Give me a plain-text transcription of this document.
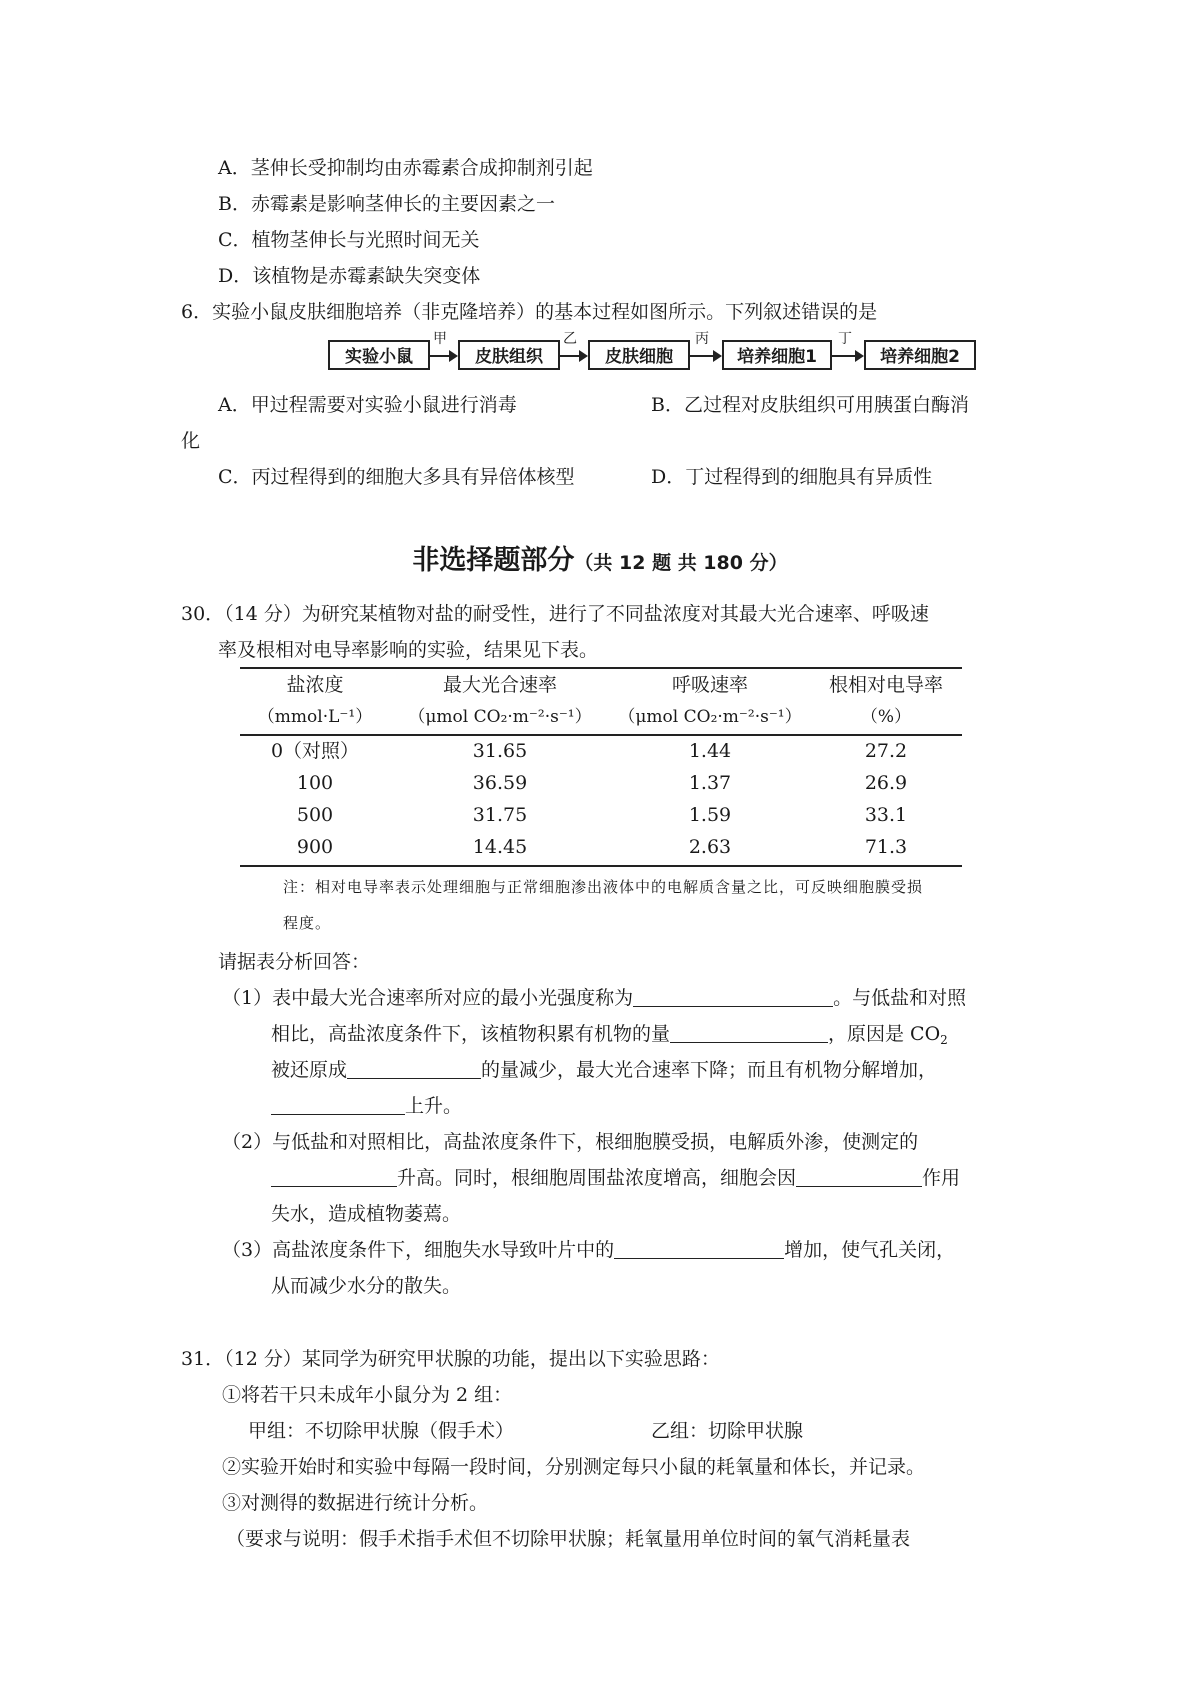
A．茎伸长受抑制均由赤霉素合成抑制剂引起
B．赤霉素是影响茎伸长的主要因素之一
C．植物茎伸长与光照时间无关
D．该植物是赤霉素缺失突变体
6．实验小鼠皮肤细胞培养（非克隆培养）的基本过程如图所示。下列叙述错误的是
实验小鼠
甲
皮肤组织
乙
皮肤细胞
丙
培养细胞1
丁
培养细胞2
A．甲过程需要对实验小鼠进行消毒	B．乙过程对皮肤组织可用胰蛋白酶消
化
C．丙过程得到的细胞大多具有异倍体核型	D．丁过程得到的细胞具有异质性
非选择题部分（共 12 题 共 180 分）
30．（14 分）为研究某植物对盐的耐受性，进行了不同盐浓度对其最大光合速率、呼吸速
率及根相对电导率影响的实验，结果见下表。
盐浓度	最大光合速率	呼吸速率	根相对电导率
（mmol·L⁻¹）	（μmol CO₂·m⁻²·s⁻¹）	（μmol CO₂·m⁻²·s⁻¹）	（%）
0（对照）	31.65	1.44	27.2
100	36.59	1.37	26.9
500	31.75	1.59	33.1
900	14.45	2.63	71.3
注：相对电导率表示处理细胞与正常细胞渗出液体中的电解质含量之比，可反映细胞膜受损
程度。
请据表分析回答：
（1）表中最大光合速率所对应的最小光强度称为	。与低盐和对照
相比，高盐浓度条件下，该植物积累有机物的量	，原因是 $CO_2$
被还原成	的量减少，最大光合速率下降；而且有机物分解增加，
上升。
（2）与低盐和对照相比，高盐浓度条件下，根细胞膜受损，电解质外渗，使测定的
升高。同时，根细胞周围盐浓度增高，细胞会因	作用
失水，造成植物萎蔫。
（3）高盐浓度条件下，细胞失水导致叶片中的	增加，使气孔关闭，
从而减少水分的散失。
31．（12 分）某同学为研究甲状腺的功能，提出以下实验思路：
①将若干只未成年小鼠分为 2 组：
甲组：不切除甲状腺（假手术）	乙组：切除甲状腺
②实验开始时和实验中每隔一段时间，分别测定每只小鼠的耗氧量和体长，并记录。
③对测得的数据进行统计分析。
（要求与说明：假手术指手术但不切除甲状腺；耗氧量用单位时间的氧气消耗量表
